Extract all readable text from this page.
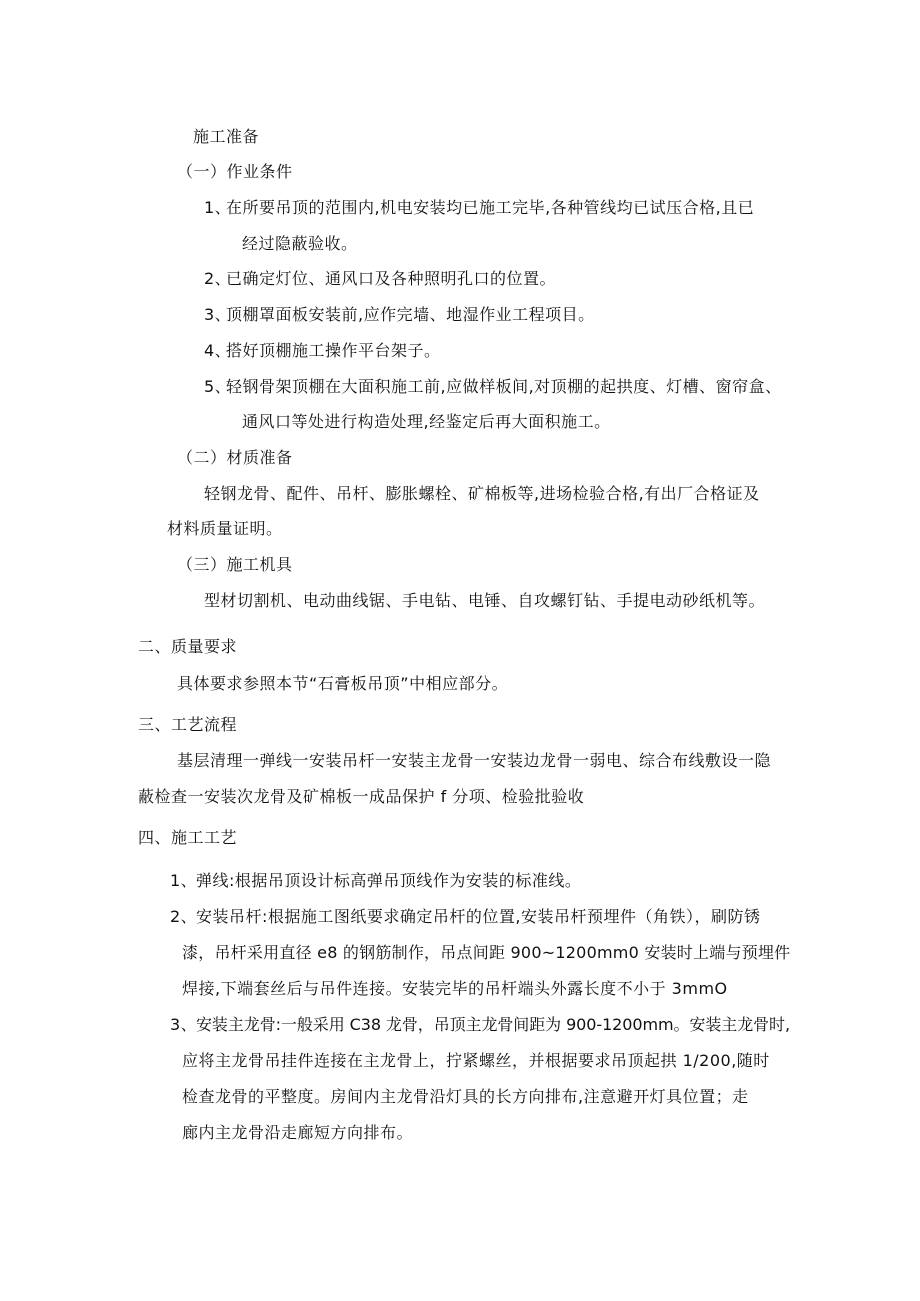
施工准备
（一）作业条件
1、
在所要吊顶的范围内,机电安装均已施工完毕,各种管线均已试压合格,且已
经过隐蔽验收。
2、
已确定灯位、通风口及各种照明孔口的位置。
3、
顶棚罩面板安装前,应作完墙、地湿作业工程项目。
4、
搭好顶棚施工操作平台架子。
5、
轻钢骨架顶棚在大面积施工前,应做样板间,对顶棚的起拱度、灯槽、窗帘盒、
通风口等处进行构造处理,经鉴定后再大面积施工。
（二）材质准备
轻钢龙骨、配件、吊杆、膨胀螺栓、矿棉板等,进场检验合格,有出厂合格证及
材料质量证明。
（三）施工机具
型材切割机、电动曲线锯、手电钻、电锤、自攻螺钉钻、手提电动砂纸机等。
二、质量要求
具体要求参照本节“石膏板吊顶”中相应部分。
三、工艺流程
基层清理一弹线一安装吊杆一安装主龙骨一安装边龙骨一弱电、综合布线敷设一隐
蔽检查一安装次龙骨及矿棉板一成品保护 f 分项、检验批验收
四、施工工艺
1、
弹线:根据吊顶设计标高弹吊顶线作为安装的标准线。
2、
安装吊杆:根据施工图纸要求确定吊杆的位置,安装吊杆预埋件（角铁），刷防锈
漆，吊杆采用直径 e8 的钢筋制作，吊点间距 900~1200mm0 安装时上端与预埋件
焊接,下端套丝后与吊件连接。安装完毕的吊杆端头外露长度不小于 3mmO
3、
安装主龙骨:一般采用 C38 龙骨，吊顶主龙骨间距为 900-1200mm。安装主龙骨时,
应将主龙骨吊挂件连接在主龙骨上，拧紧螺丝，并根据要求吊顶起拱 1/200,随时
检查龙骨的平整度。房间内主龙骨沿灯具的长方向排布,注意避开灯具位置；走
廊内主龙骨沿走廊短方向排布。
